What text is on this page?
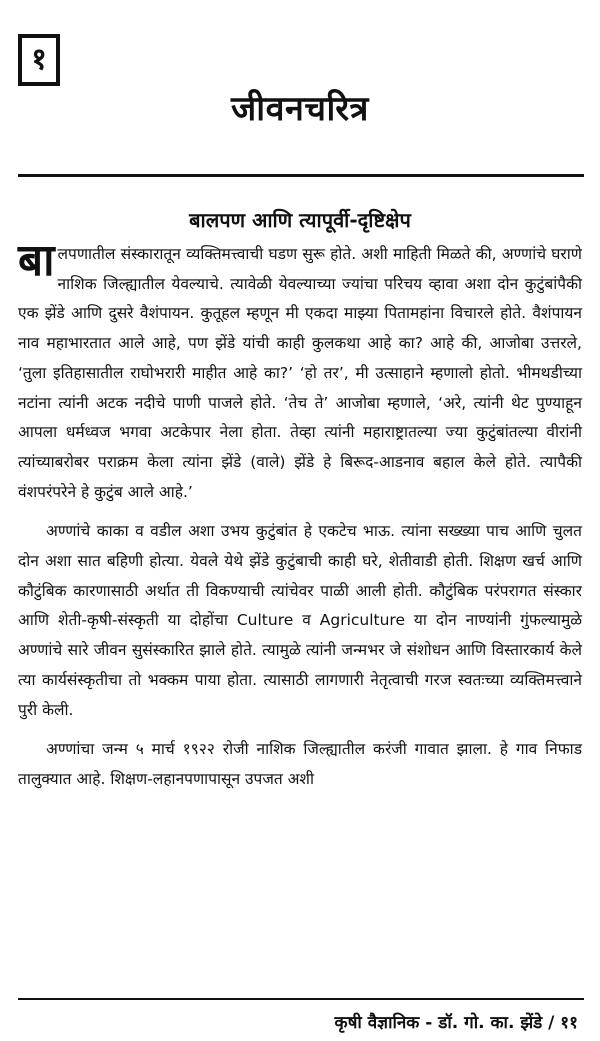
१
जीवनचरित्र
बालपण आणि त्यापूर्वी-दृष्टिक्षेप

बालपणातील संस्कारातून व्यक्तिमत्त्वाची घडण सुरू होते. अशी माहिती मिळते की, अण्णांचे घराणे नाशिक जिल्ह्यातील येवल्याचे. त्यावेळी येवल्याच्या ज्यांचा परिचय व्हावा अशा दोन कुटुंबांपैकी एक झेंडे आणि दुसरे वैशंपायन. कुतूहल म्हणून मी एकदा माझ्या पितामहांना विचारले होते. वैशंपायन नाव महाभारतात आले आहे, पण झेंडे यांची काही कुलकथा आहे का? आहे की, आजोबा उत्तरले, ‘तुला इतिहासातील राघोभरारी माहीत आहे का?’ ‘हो तर’, मी उत्साहाने म्हणालो होतो. भीमथडीच्या नटांना त्यांनी अटक नदीचे पाणी पाजले होते. ‘तेच ते’ आजोबा म्हणाले, ‘अरे, त्यांनी थेट पुण्याहून आपला धर्मध्वज भगवा अटकेपार नेला होता. तेव्हा त्यांनी महाराष्ट्रातल्या ज्या कुटुंबांतल्या वीरांनी त्यांच्याबरोबर पराक्रम केला त्यांना झेंडे (वाले) झेंडे हे बिरूद-आडनाव बहाल केले होते. त्यापैकी वंशपरंपरेने हे कुटुंब आले आहे.’

अण्णांचे काका व वडील अशा उभय कुटुंबांत हे एकटेच भाऊ. त्यांना सख्ख्या पाच आणि चुलत दोन अशा सात बहिणी होत्या. येवले येथे झेंडे कुटुंबाची काही घरे, शेतीवाडी होती. शिक्षण खर्च आणि कौटुंबिक कारणासाठी अर्थात ती विकण्याची त्यांचेवर पाळी आली होती. कौटुंबिक परंपरागत संस्कार आणि शेती-कृषी-संस्कृती या दोहोंचा Culture व Agriculture या दोन नाण्यांनी गुंफल्यामुळे अण्णांचे सारे जीवन सुसंस्कारित झाले होते. त्यामुळे त्यांनी जन्मभर जे संशोधन आणि विस्तारकार्य केले त्या कार्यसंस्कृतीचा तो भक्कम पाया होता. त्यासाठी लागणारी नेतृत्वाची गरज स्वतःच्या व्यक्तिमत्त्वाने पुरी केली.

अण्णांचा जन्म ५ मार्च १९२२ रोजी नाशिक जिल्ह्यातील करंजी गावात झाला. हे गाव निफाड तालुक्यात आहे. शिक्षण-लहानपणापासून उपजत अशी

कृषी वैज्ञानिक - डॉ. गो. का. झेंडे / ११
